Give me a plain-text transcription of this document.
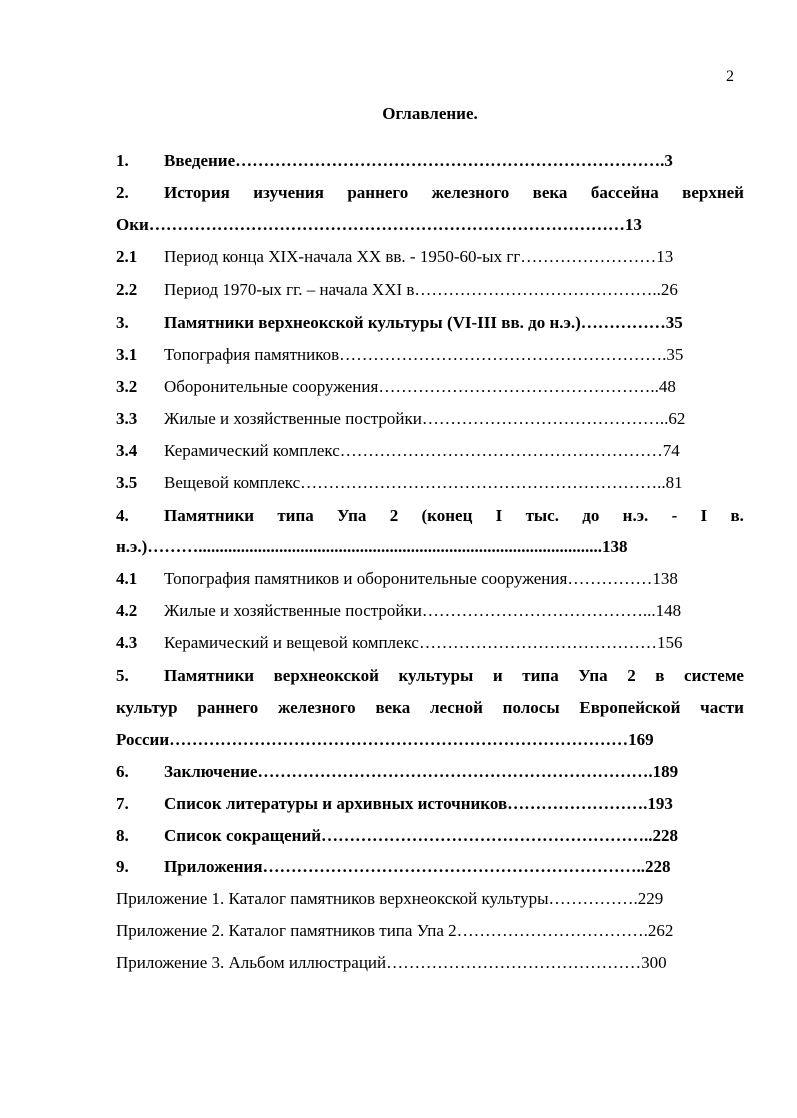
2
Оглавление.
1. Введение………………………………………………………………….3
2.	История изучения раннего железного века бассейна верхней
Оки…………………………………………………………………………13
2.1 Период конца XIX-начала XX вв. - 1950-60-ых гг……………………13
2.2 Период 1970-ых гг. – начала XXI в……………………………………..26
3. Памятники верхнеокской культуры (VI-III вв. до н.э.)……………35
3.1 Топография памятников………………………………………………….35
3.2 Оборонительные сооружения…………………………………………..48
3.3 Жилые и хозяйственные постройки……………………………………..62
3.4 Керамический комплекс…………………………………………………74
3.5 Вещевой комплекс………………………………………………………..81
4.	Памятники типа Упа 2 (конец I тыс. до н.э. - I в.
н.э.)………...............................................................................................138
4.1 Топография памятников и оборонительные сооружения……………138
4.2 Жилые и хозяйственные постройки…………………………………...148
4.3 Керамический и вещевой комплекс……………………………………156
5.	Памятники верхнеокской культуры и типа Упа 2 в системе
культур раннего железного века лесной полосы Европейской части
России………………………………………………………………………169
6. Заключение…………………………………………………………….189
7. Список литературы и архивных источников…………………….193
8. Список сокращений…………………………………………………..228
9. Приложения…………………………………………………………..228
Приложение 1. Каталог памятников верхнеокской культуры…………….229
Приложение 2. Каталог памятников типа Упа 2…………………………….262
Приложение 3. Альбом иллюстраций………………………………………300
